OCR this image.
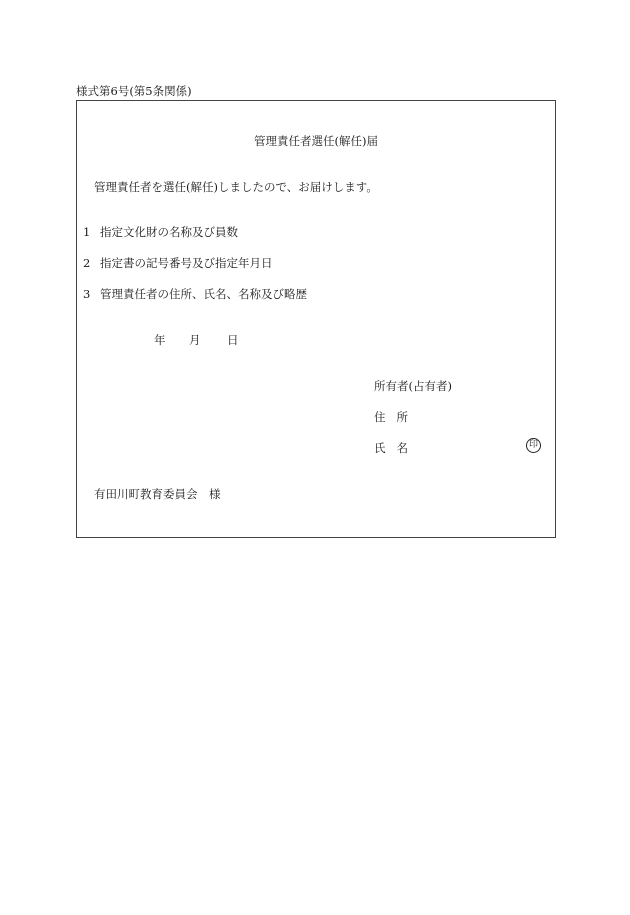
様式第6号(第5条関係)
管理責任者選任(解任)届
管理責任者を選任(解任)しましたので、お届けします。
1 指定文化財の名称及び員数
2 指定書の記号番号及び指定年月日
3 管理責任者の住所、氏名、名称及び略歴
年 月 日
所有者(占有者)
住 所
氏 名	印
有田川町教育委員会　様
